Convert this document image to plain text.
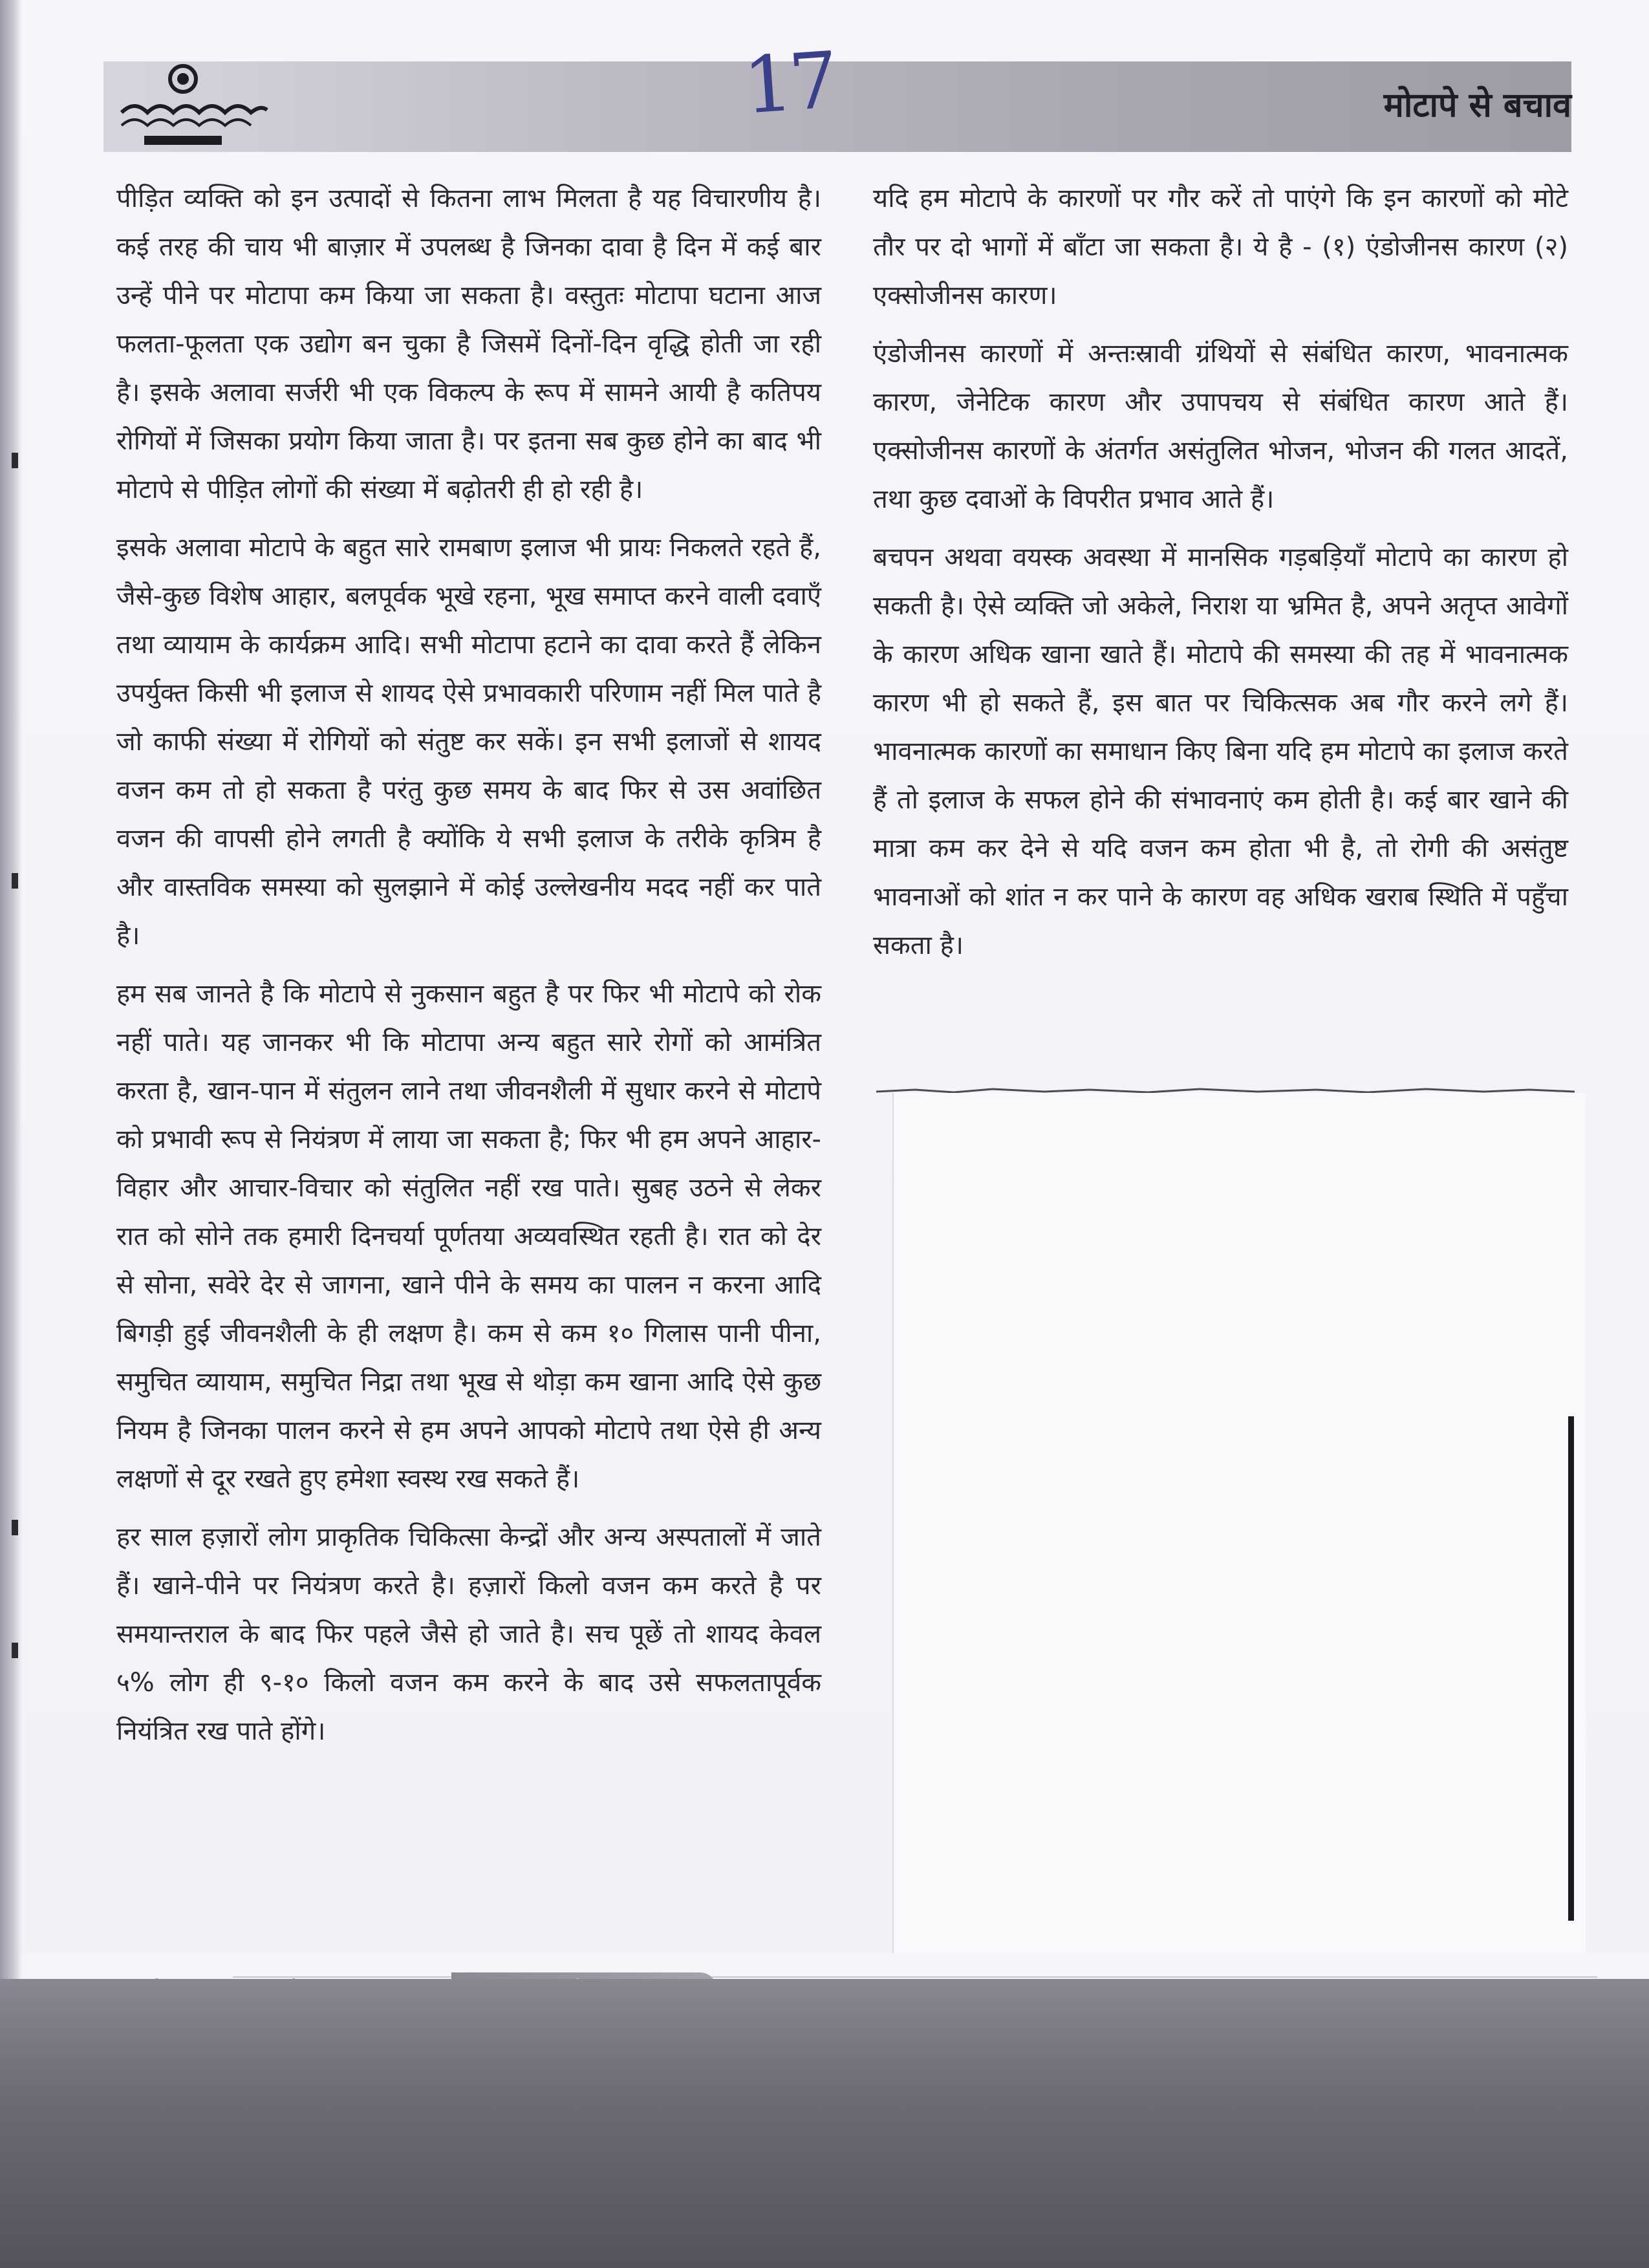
17	मोटापे से बचाव

पीड़ित व्यक्ति को इन उत्पादों से कितना लाभ मिलता है यह विचारणीय है। कई तरह की चाय भी बाज़ार में उपलब्ध है जिनका दावा है दिन में कई बार उन्हें पीने पर मोटापा कम किया जा सकता है। वस्तुतः मोटापा घटाना आज फलता-फूलता एक उद्योग बन चुका है जिसमें दिनों-दिन वृद्धि होती जा रही है। इसके अलावा सर्जरी भी एक विकल्प के रूप में सामने आयी है कतिपय रोगियों में जिसका प्रयोग किया जाता है। पर इतना सब कुछ होने का बाद भी मोटापे से पीड़ित लोगों की संख्या में बढ़ोतरी ही हो रही है।

इसके अलावा मोटापे के बहुत सारे रामबाण इलाज भी प्रायः निकलते रहते हैं, जैसे-कुछ विशेष आहार, बलपूर्वक भूखे रहना, भूख समाप्त करने वाली दवाएँ तथा व्यायाम के कार्यक्रम आदि। सभी मोटापा हटाने का दावा करते हैं लेकिन उपर्युक्त किसी भी इलाज से शायद ऐसे प्रभावकारी परिणाम नहीं मिल पाते है जो काफी संख्या में रोगियों को संतुष्ट कर सकें। इन सभी इलाजों से शायद वजन कम तो हो सकता है परंतु कुछ समय के बाद फिर से उस अवांछित वजन की वापसी होने लगती है क्योंकि ये सभी इलाज के तरीके कृत्रिम है और वास्तविक समस्या को सुलझाने में कोई उल्लेखनीय मदद नहीं कर पाते है।

हम सब जानते है कि मोटापे से नुकसान बहुत है पर फिर भी मोटापे को रोक नहीं पाते। यह जानकर भी कि मोटापा अन्य बहुत सारे रोगों को आमंत्रित करता है, खान-पान में संतुलन लाने तथा जीवनशैली में सुधार करने से मोटापे को प्रभावी रूप से नियंत्रण में लाया जा सकता है; फिर भी हम अपने आहार-विहार और आचार-विचार को संतुलित नहीं रख पाते। सुबह उठने से लेकर रात को सोने तक हमारी दिनचर्या पूर्णतया अव्यवस्थित रहती है। रात को देर से सोना, सवेरे देर से जागना, खाने पीने के समय का पालन न करना आदि बिगड़ी हुई जीवनशैली के ही लक्षण है। कम से कम १० गिलास पानी पीना, समुचित व्यायाम, समुचित निद्रा तथा भूख से थोड़ा कम खाना आदि ऐसे कुछ नियम है जिनका पालन करने से हम अपने आपको मोटापे तथा ऐसे ही अन्य लक्षणों से दूर रखते हुए हमेशा स्वस्थ रख सकते हैं।

हर साल हज़ारों लोग प्राकृतिक चिकित्सा केन्द्रों और अन्य अस्पतालों में जाते हैं। खाने-पीने पर नियंत्रण करते है। हज़ारों किलो वजन कम करते है पर समयान्तराल के बाद फिर पहले जैसे हो जाते है। सच पूछें तो शायद केवल ५% लोग ही ९-१० किलो वजन कम करने के बाद उसे सफलतापूर्वक नियंत्रित रख पाते होंगे।

यदि हम मोटापे के कारणों पर गौर करें तो पाएंगे कि इन कारणों को मोटे तौर पर दो भागों में बाँटा जा सकता है। ये है - (१) एंडोजीनस कारण (२) एक्सोजीनस कारण।

एंडोजीनस कारणों में अन्तःस्रावी ग्रंथियों से संबंधित कारण, भावनात्मक कारण, जेनेटिक कारण और उपापचय से संबंधित कारण आते हैं। एक्सोजीनस कारणों के अंतर्गत असंतुलित भोजन, भोजन की गलत आदतें, तथा कुछ दवाओं के विपरीत प्रभाव आते हैं।

बचपन अथवा वयस्क अवस्था में मानसिक गड़बड़ियाँ मोटापे का कारण हो सकती है। ऐसे व्यक्ति जो अकेले, निराश या भ्रमित है, अपने अतृप्त आवेगों के कारण अधिक खाना खाते हैं। मोटापे की समस्या की तह में भावनात्मक कारण भी हो सकते हैं, इस बात पर चिकित्सक अब गौर करने लगे हैं। भावनात्मक कारणों का समाधान किए बिना यदि हम मोटापे का इलाज करते हैं तो इलाज के सफल होने की संभावनाएं कम होती है। कई बार खाने की मात्रा कम कर देने से यदि वजन कम होता भी है, तो रोगी की असंतुष्ट भावनाओं को शांत न कर पाने के कारण वह अधिक खराब स्थिति में पहुँचा सकता है।
